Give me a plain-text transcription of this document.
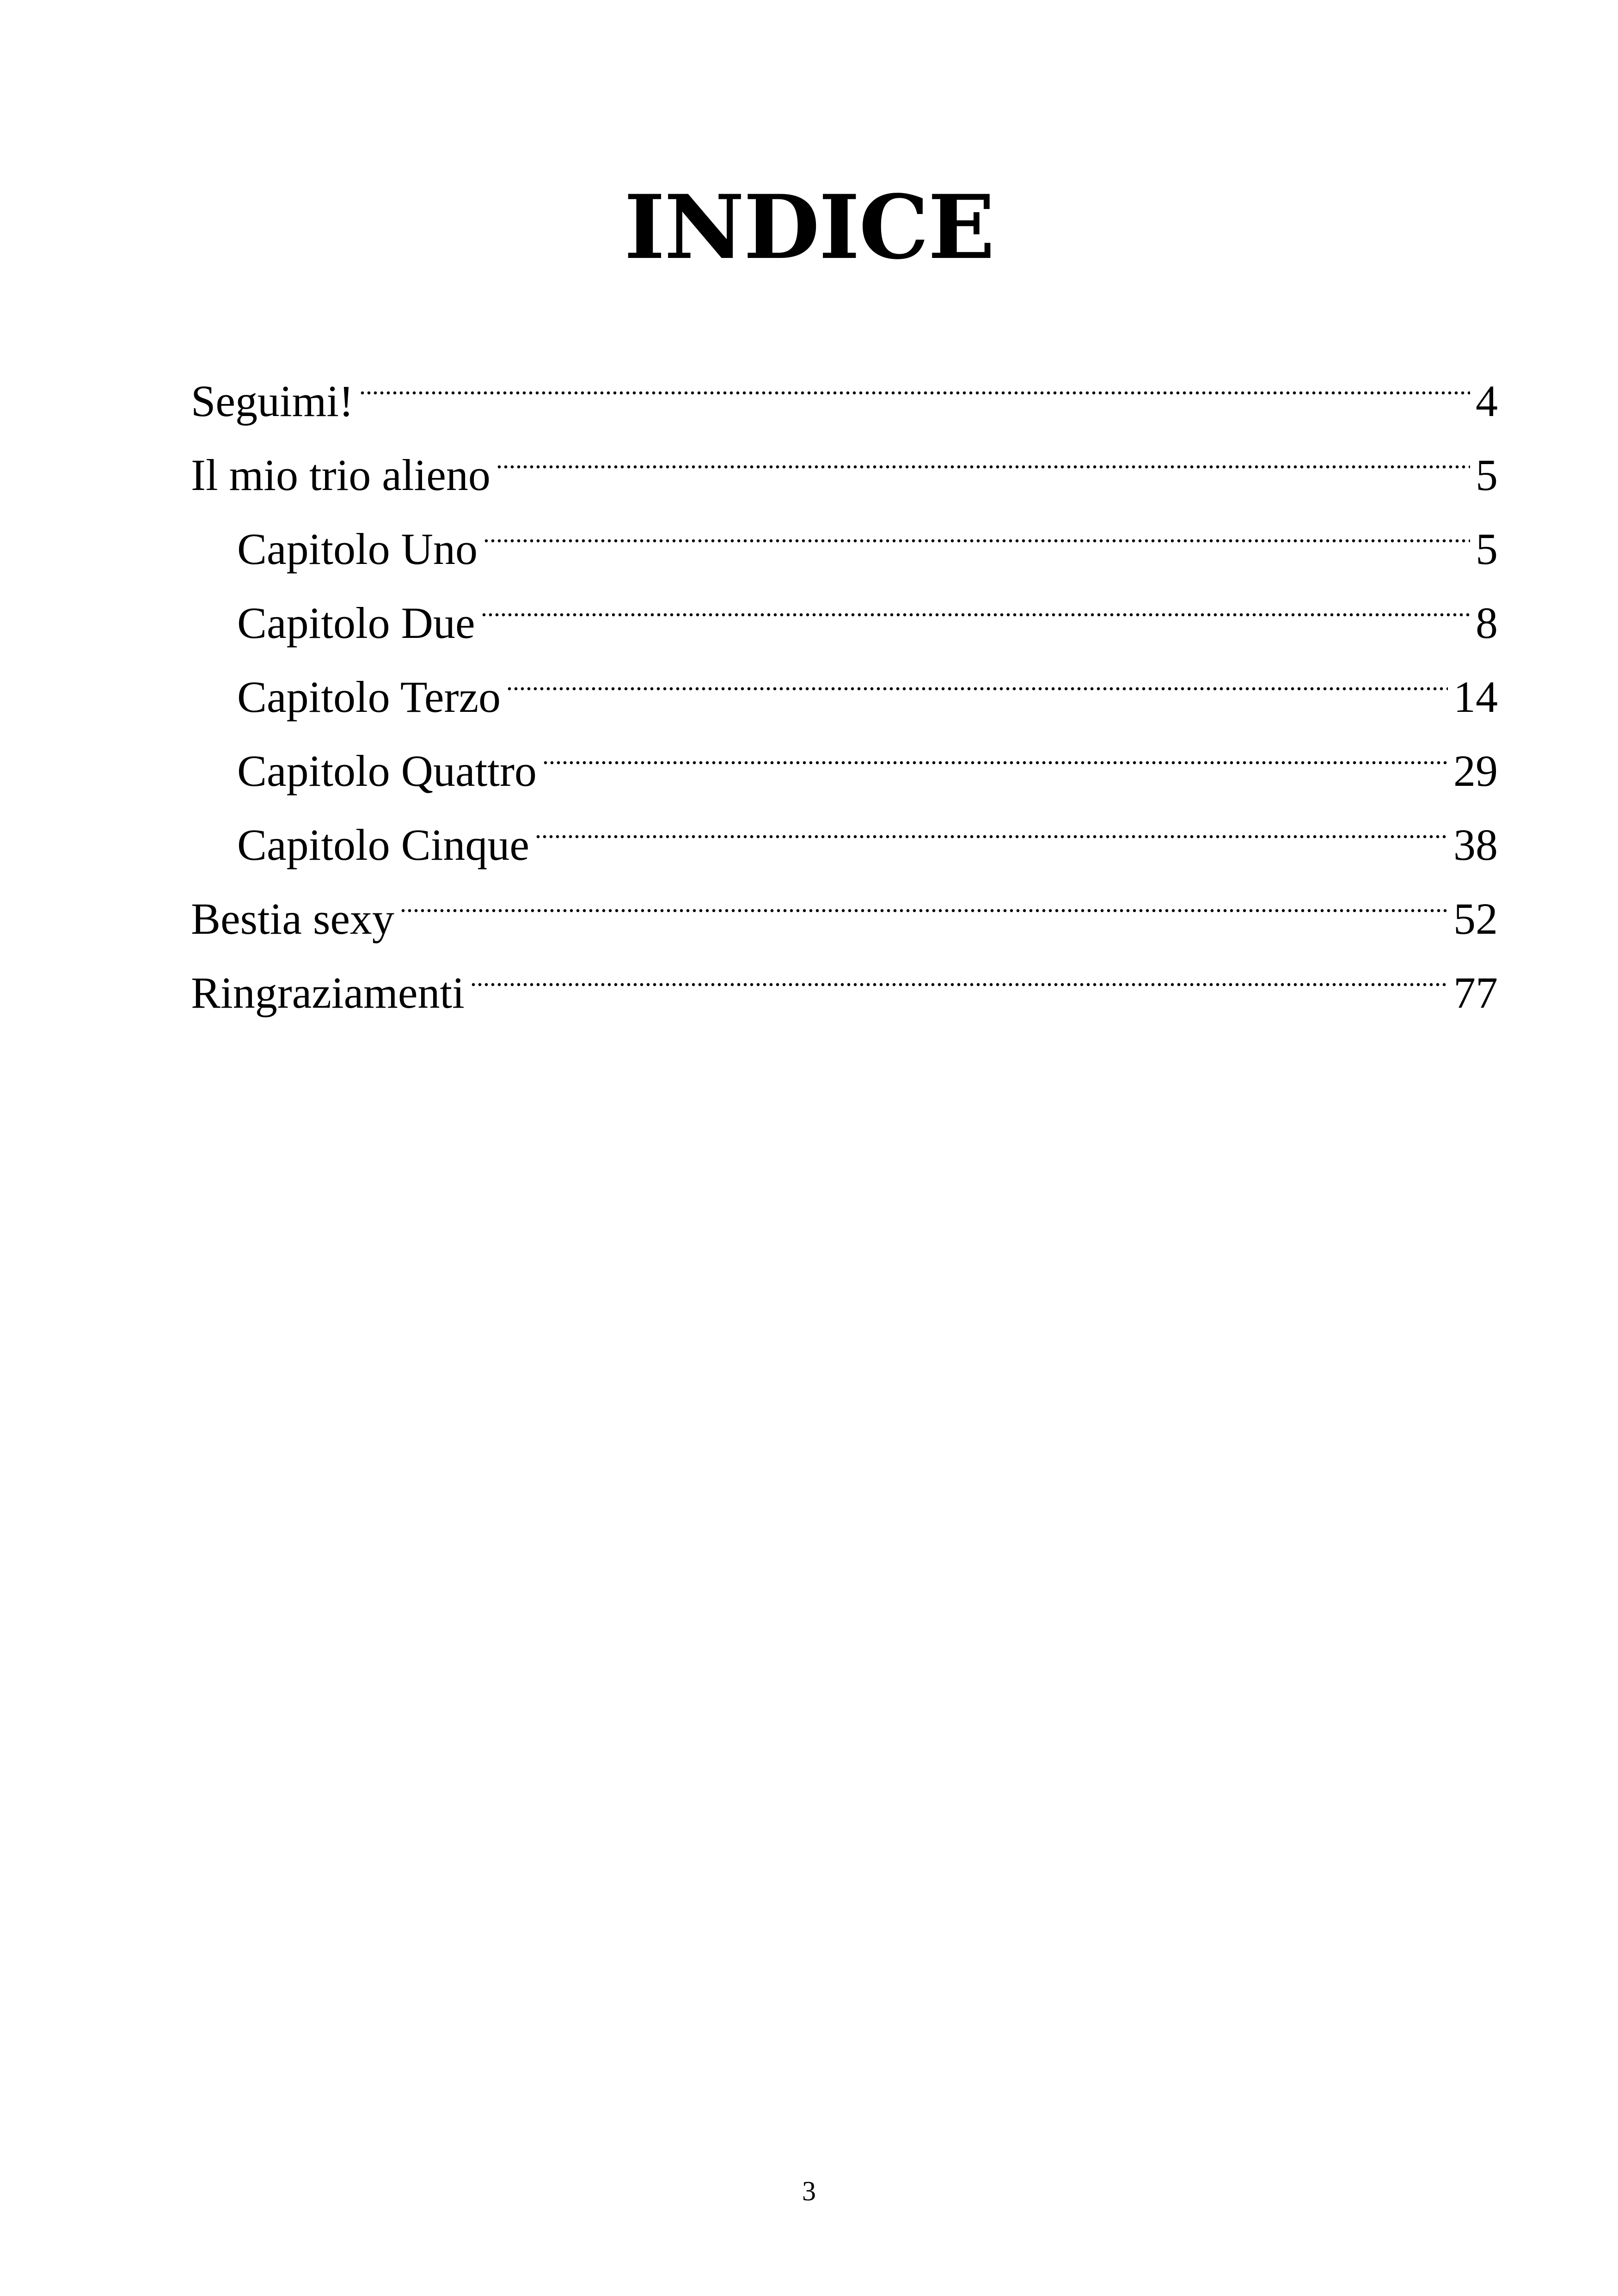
INDICE
Seguimi!	4
Il mio trio alieno	5
Capitolo Uno	5
Capitolo Due	8
Capitolo Terzo	14
Capitolo Quattro	29
Capitolo Cinque	38
Bestia sexy	52
Ringraziamenti	77
3
